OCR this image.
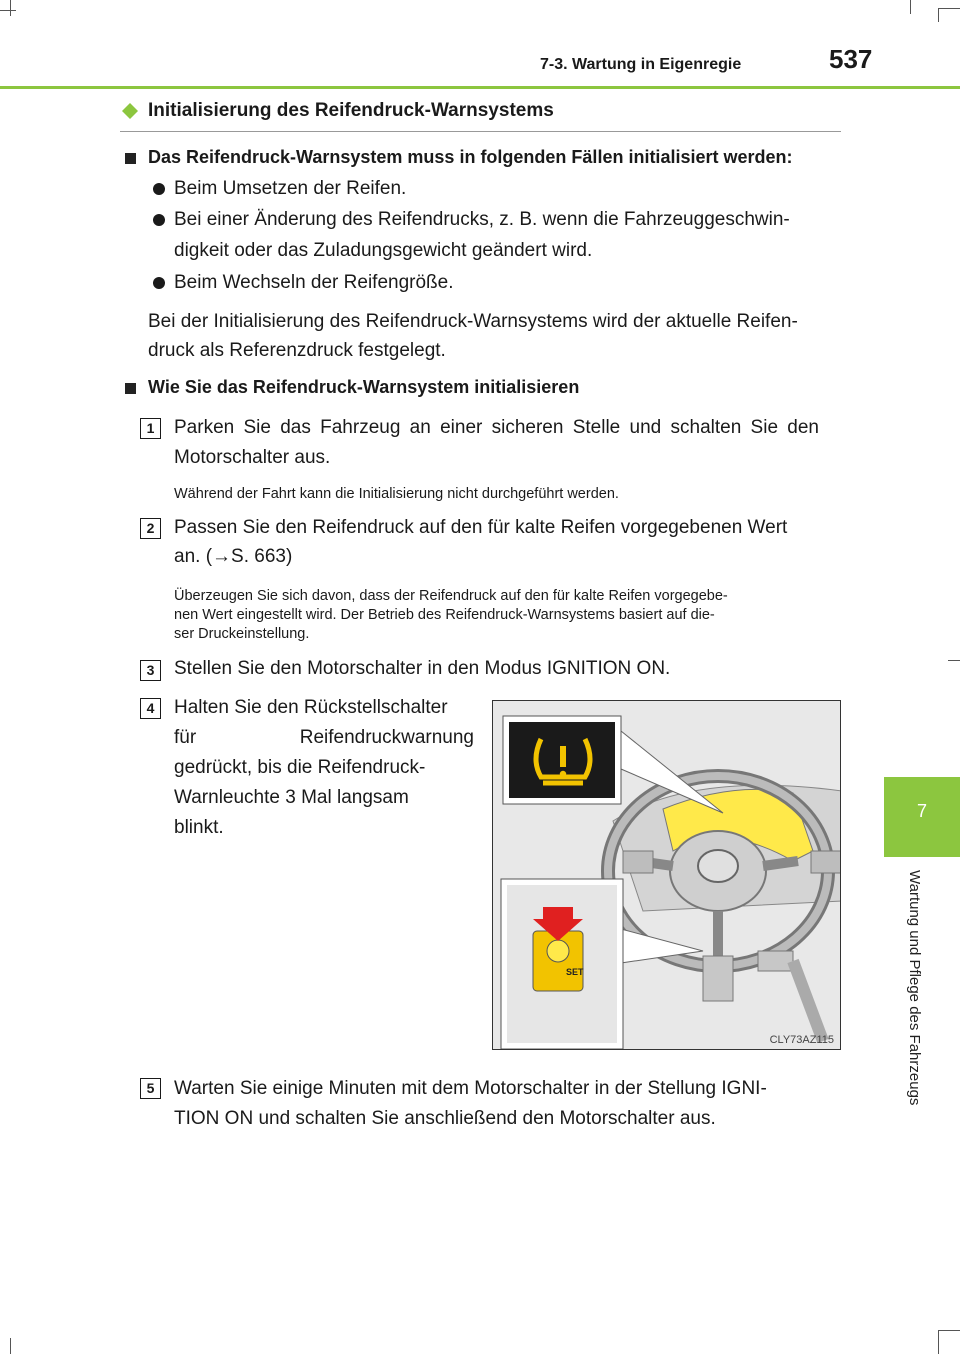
7-3. Wartung in Eigenregie	537
7
Wartung und Pflege des Fahrzeugs
Initialisierung des Reifendruck-Warnsystems
Das Reifendruck-Warnsystem muss in folgenden Fällen initialisiert werden:
Beim Umsetzen der Reifen.
Bei einer Änderung des Reifendrucks, z. B. wenn die Fahrzeuggeschwin-
digkeit oder das Zuladungsgewicht geändert wird.
Beim Wechseln der Reifengröße.
Bei der Initialisierung des Reifendruck-Warnsystems wird der aktuelle Reifen-
druck als Referenzdruck festgelegt.
Wie Sie das Reifendruck-Warnsystem initialisieren
1	Parken Sie das Fahrzeug an einer sicheren Stelle und schalten Sie den
Motorschalter aus.
Während der Fahrt kann die Initialisierung nicht durchgeführt werden.
2	Passen Sie den Reifendruck auf den für kalte Reifen vorgegebenen Wert
an. (→S. 663)
Überzeugen Sie sich davon, dass der Reifendruck auf den für kalte Reifen vorgegebe-
nen Wert eingestellt wird. Der Betrieb des Reifendruck-Warnsystems basiert auf die-
ser Druckeinstellung.
3	Stellen Sie den Motorschalter in den Modus IGNITION ON.
4	Halten Sie den Rückstellschalter
für Reifendruckwarnung
gedrückt, bis die Reifendruck-
Warnleuchte 3 Mal langsam
blinkt.
SET
CLY73AZ115
5	Warten Sie einige Minuten mit dem Motorschalter in der Stellung IGNI-
TION ON und schalten Sie anschließend den Motorschalter aus.
